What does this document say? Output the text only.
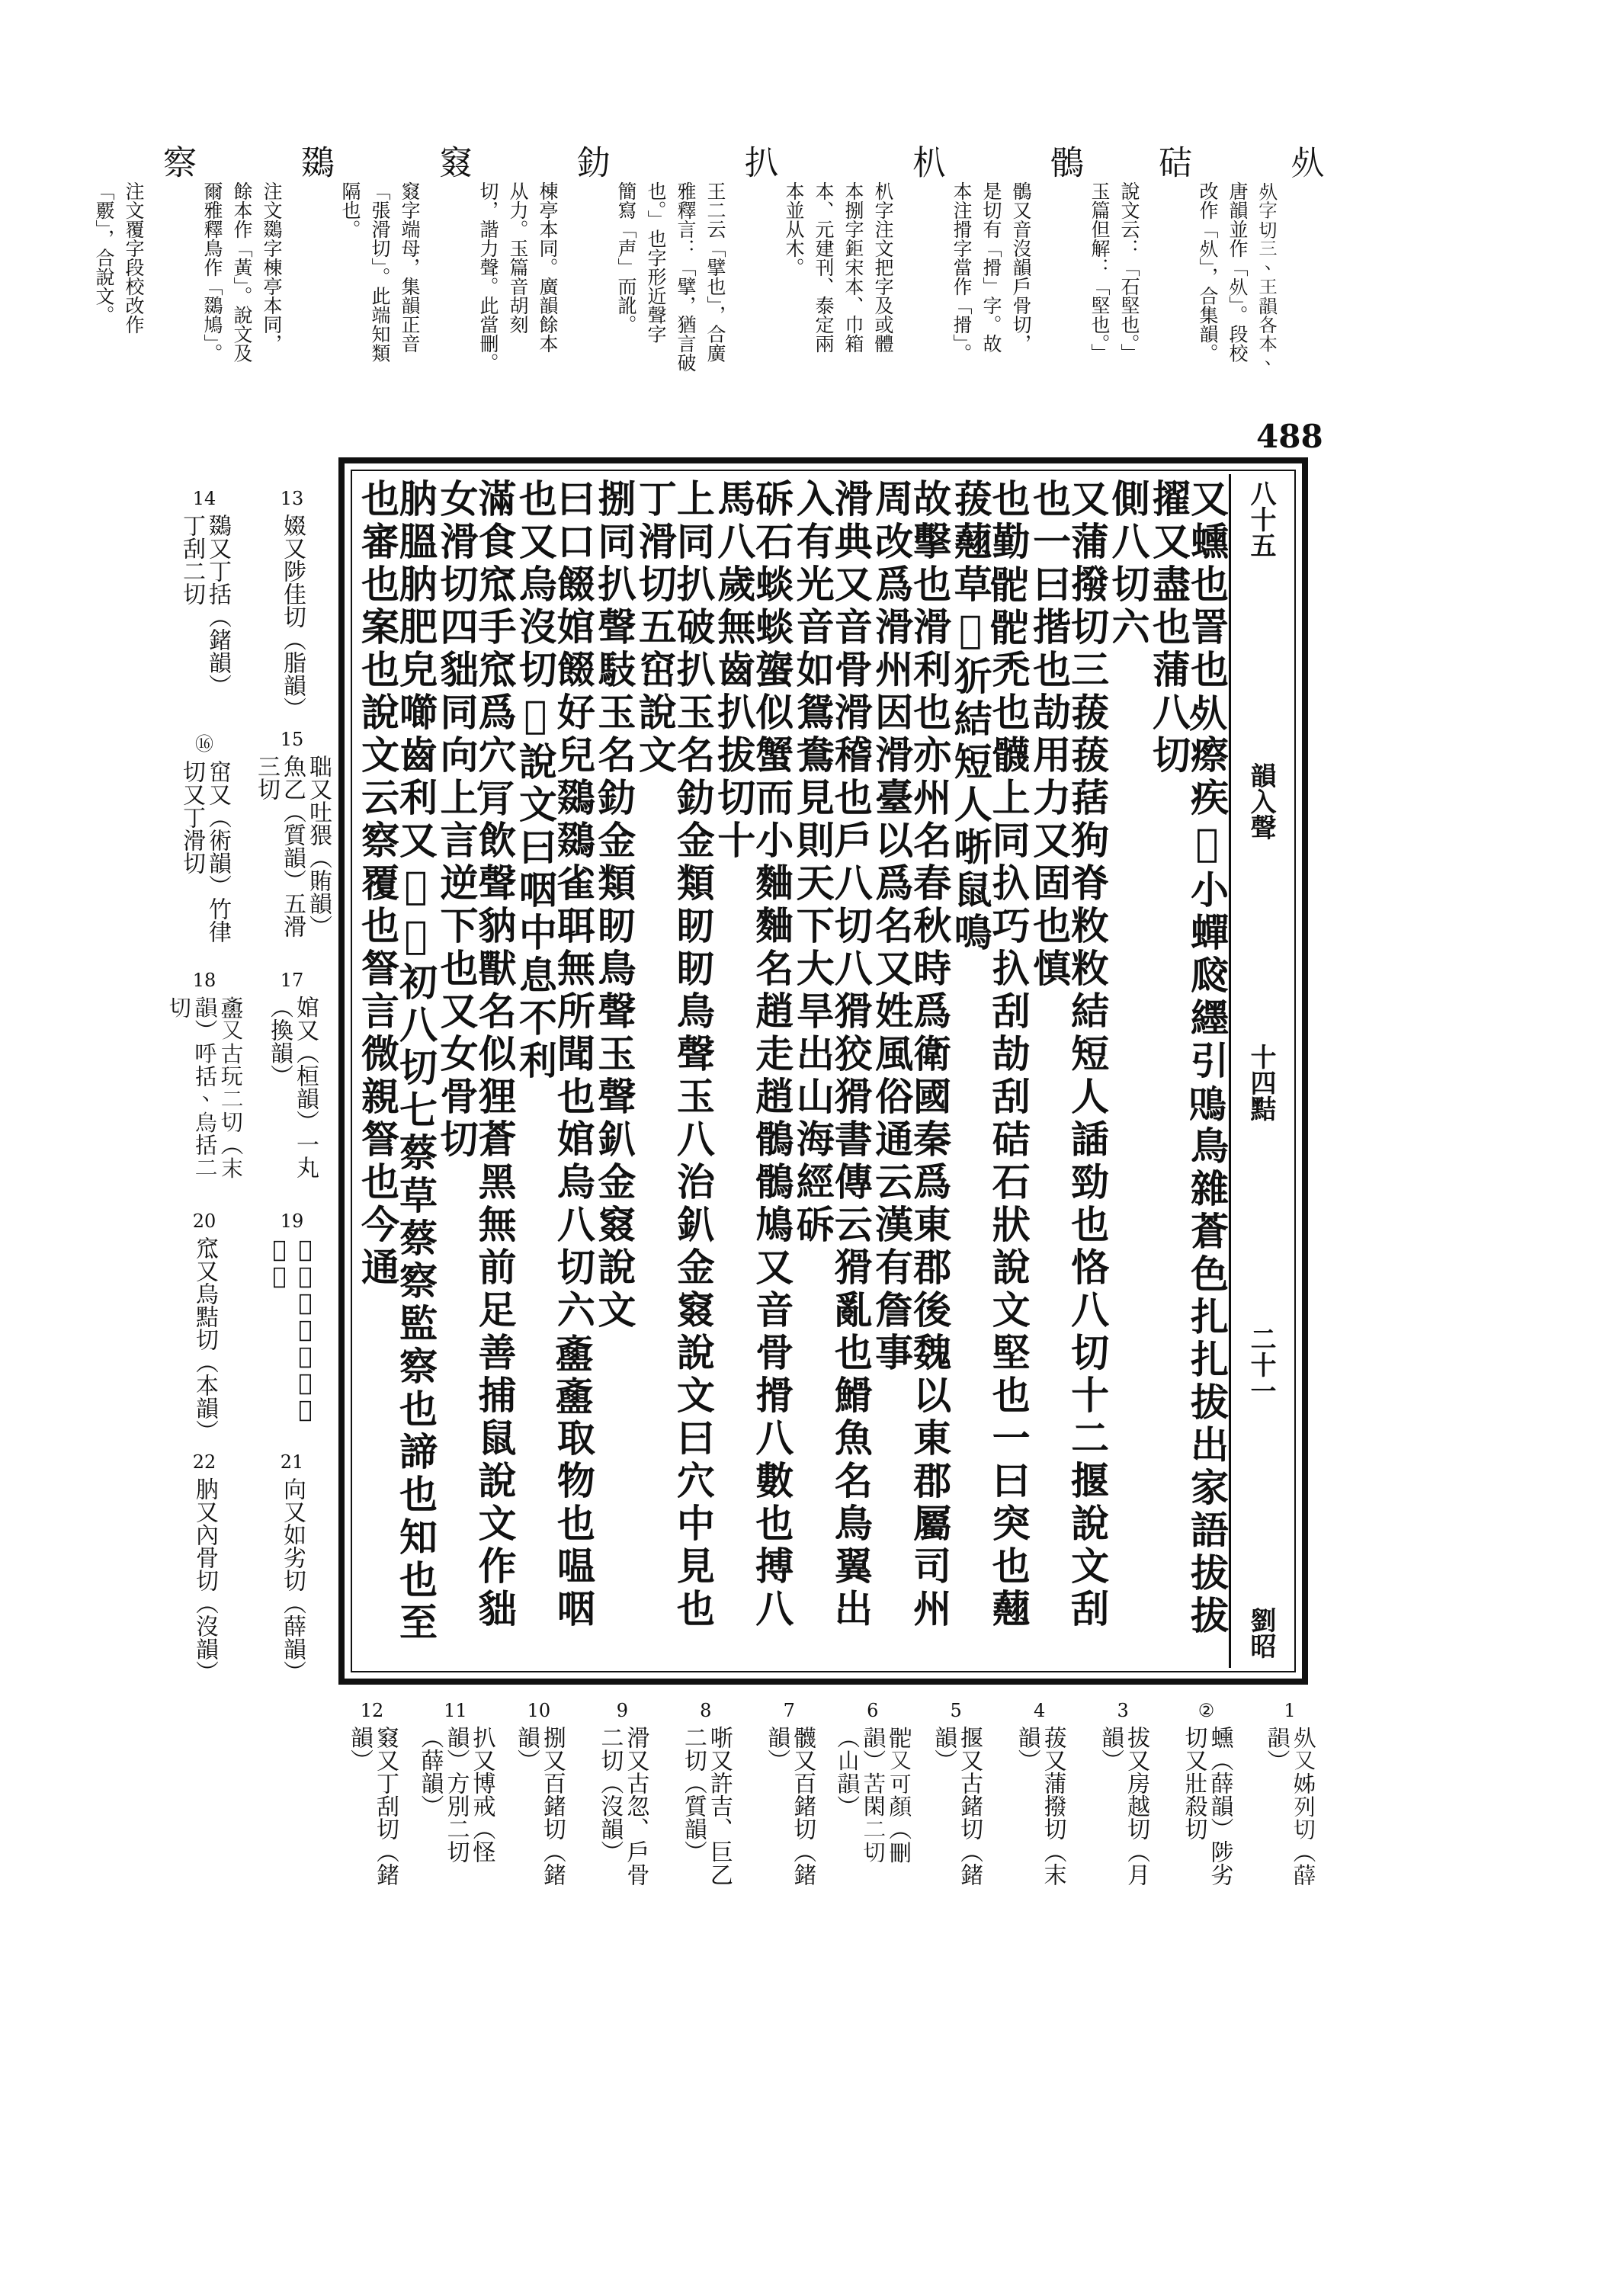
𣦸
𣦸字切三、王韻各本、
唐韻並作「𣦸」。段校
改作「𣦸」，合集韻。
硈
說文云：「石堅也。」
玉篇但解：「堅也。」
鶻
鶻又音沒韻戶骨切，
是切有「搰」字。故
本注搰字當作「搰」。
朳
朳字注文把字及或體
本捌字鉅宋本、巾箱
本、元建刊、泰定兩
本並从木。
扒
王二云「擘也」，合廣
雅釋言：「擘，猶言破
也。」也字形近聲字
簡寫「声」而訛。
釛
棟亭本同。廣韻餘本
从力。玉篇音胡刻
切，諧力聲。此當刪。
窡
窡字端母，集韻正音
「張滑切」。此端知類
隔也。
鵽
注文鵽字棟亭本同，
餘本作「黃」。說文及
爾雅釋鳥作「鵽鳩」。
察
注文覆字段校改作
「覈」，合說文。
488
八十五
韻入聲
十四黠
二十一
劉昭
又䗼也詈也𣦸瘵疾𧏖小蟬㼎纆引𩿦鳥雜蒼色扎扎拔出家語拔拔擢又盡也蒲八切
側八切六
又蒲撥切三菝菝葀狗脊敉敉結短人䛽勁也恪八切十二揠說文刮也一曰揩也劼用力又固也慎
也勤𩨷𩨷禿也䯦上同扖巧扖刮劼刮硈石狀說文堅也一曰突也𧄍菝𧄍草𦀵㹞結短人哳鼠鳴
故擊也滑利也亦州名春秋時爲衛國秦爲東郡後魏以東郡屬司州周改爲滑州因滑臺以爲名又姓風俗通云漢有詹事
滑典又音骨滑稽也戶八切八猾狡猾書傳云猾亂也䱻魚名鳥翼出入有光音如鴛鴦見則天下大旱出山海經䂨
䂨石䗊䗊䗠似蟹而小麯麯名趙走趙鶻鶻鳩又音骨搰八數也搏八馬八歲無齒扒拔切十
上同扒破扒玉名釛金類䀔䀔鳥聲玉八治釟金窡說文曰穴中見也丁滑切五窋說文
捌同扒聲馶玉名釛金類䀔鳥聲玉聲釟金窡說文
曰口餟婠餟好兒鵽鵽雀聑無所聞也婠烏八切六𣁫𣁫取物也嗢咽也又烏沒切𢿱說文曰咽中息不利
滿食窊手窊爲穴𣍟飲聲豽獸名似狸蒼黑無前足善捕鼠說文作貀女滑切四貀同向上言逆下也又女骨切
肭膃肭肥皃㘉齒利又𨩘𨩘初八切七蔡草蔡察監察也諦也知也至也審也案也說文云察覆也詧言微親詧也今通
13
娺又陟佳切（脂韻）
14
鵽又丁括（鍺韻）丁刮二切
15
聉又吐猥（賄韻）魚乙（質韻）五滑三切
⑯
窋又（術韻）竹律切又丁滑切
17
婠又（桓韻）一丸（換韻）
18
𣁫又古玩二切（末韻）呼括、烏括二切
19
𢿱又烏沒切（沒韻）
20
窊又烏黠切（本韻）
21
向又如劣切（薛韻）
22
肭又內骨切（沒韻）
1
𣦸又姊列切（薛韻）
②
䗼（薛韻）陟劣切又壯殺切
3
拔又房越切（月韻）
4
菝又蒲撥切（末韻）
5
揠又古鍺切（鍺韻）
6
𩨷又可顏（刪韻）苦閑二切（山韻）
7
䯦又百鍺切（鍺韻）
8
哳又許吉、巨乙二切（質韻）
9
滑又古忽、戶骨二切（沒韻）
10
捌又百鍺切（鍺韻）
11
扒又博戒（怪韻）方別二切（薛韻）
12
窡又丁刮切（鍺韻）
